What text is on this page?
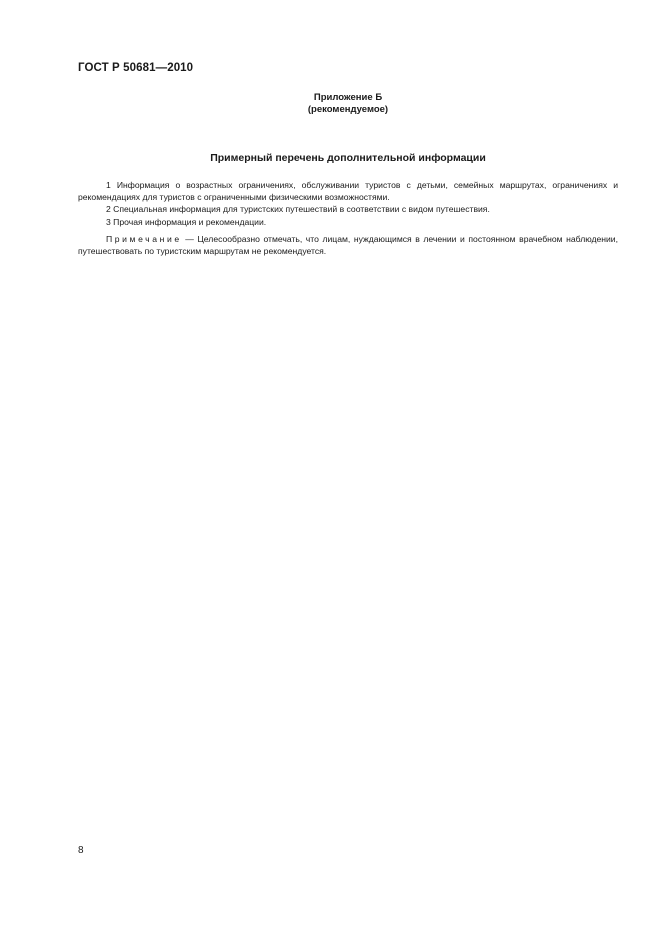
ГОСТ Р 50681—2010
Приложение Б
(рекомендуемое)
Примерный перечень дополнительной информации

1 Информация о возрастных ограничениях, обслуживании туристов с детьми, семейных маршрутах, ограничениях и рекомендациях для туристов с ограниченными физическими возможностями.

2 Специальная информация для туристских путешествий в соответствии с видом путешествия.

3 Прочая информация и рекомендации.

Примечание — Целесообразно отмечать, что лицам, нуждающимся в лечении и постоянном врачебном наблюдении, путешествовать по туристским маршрутам не рекомендуется.

8
